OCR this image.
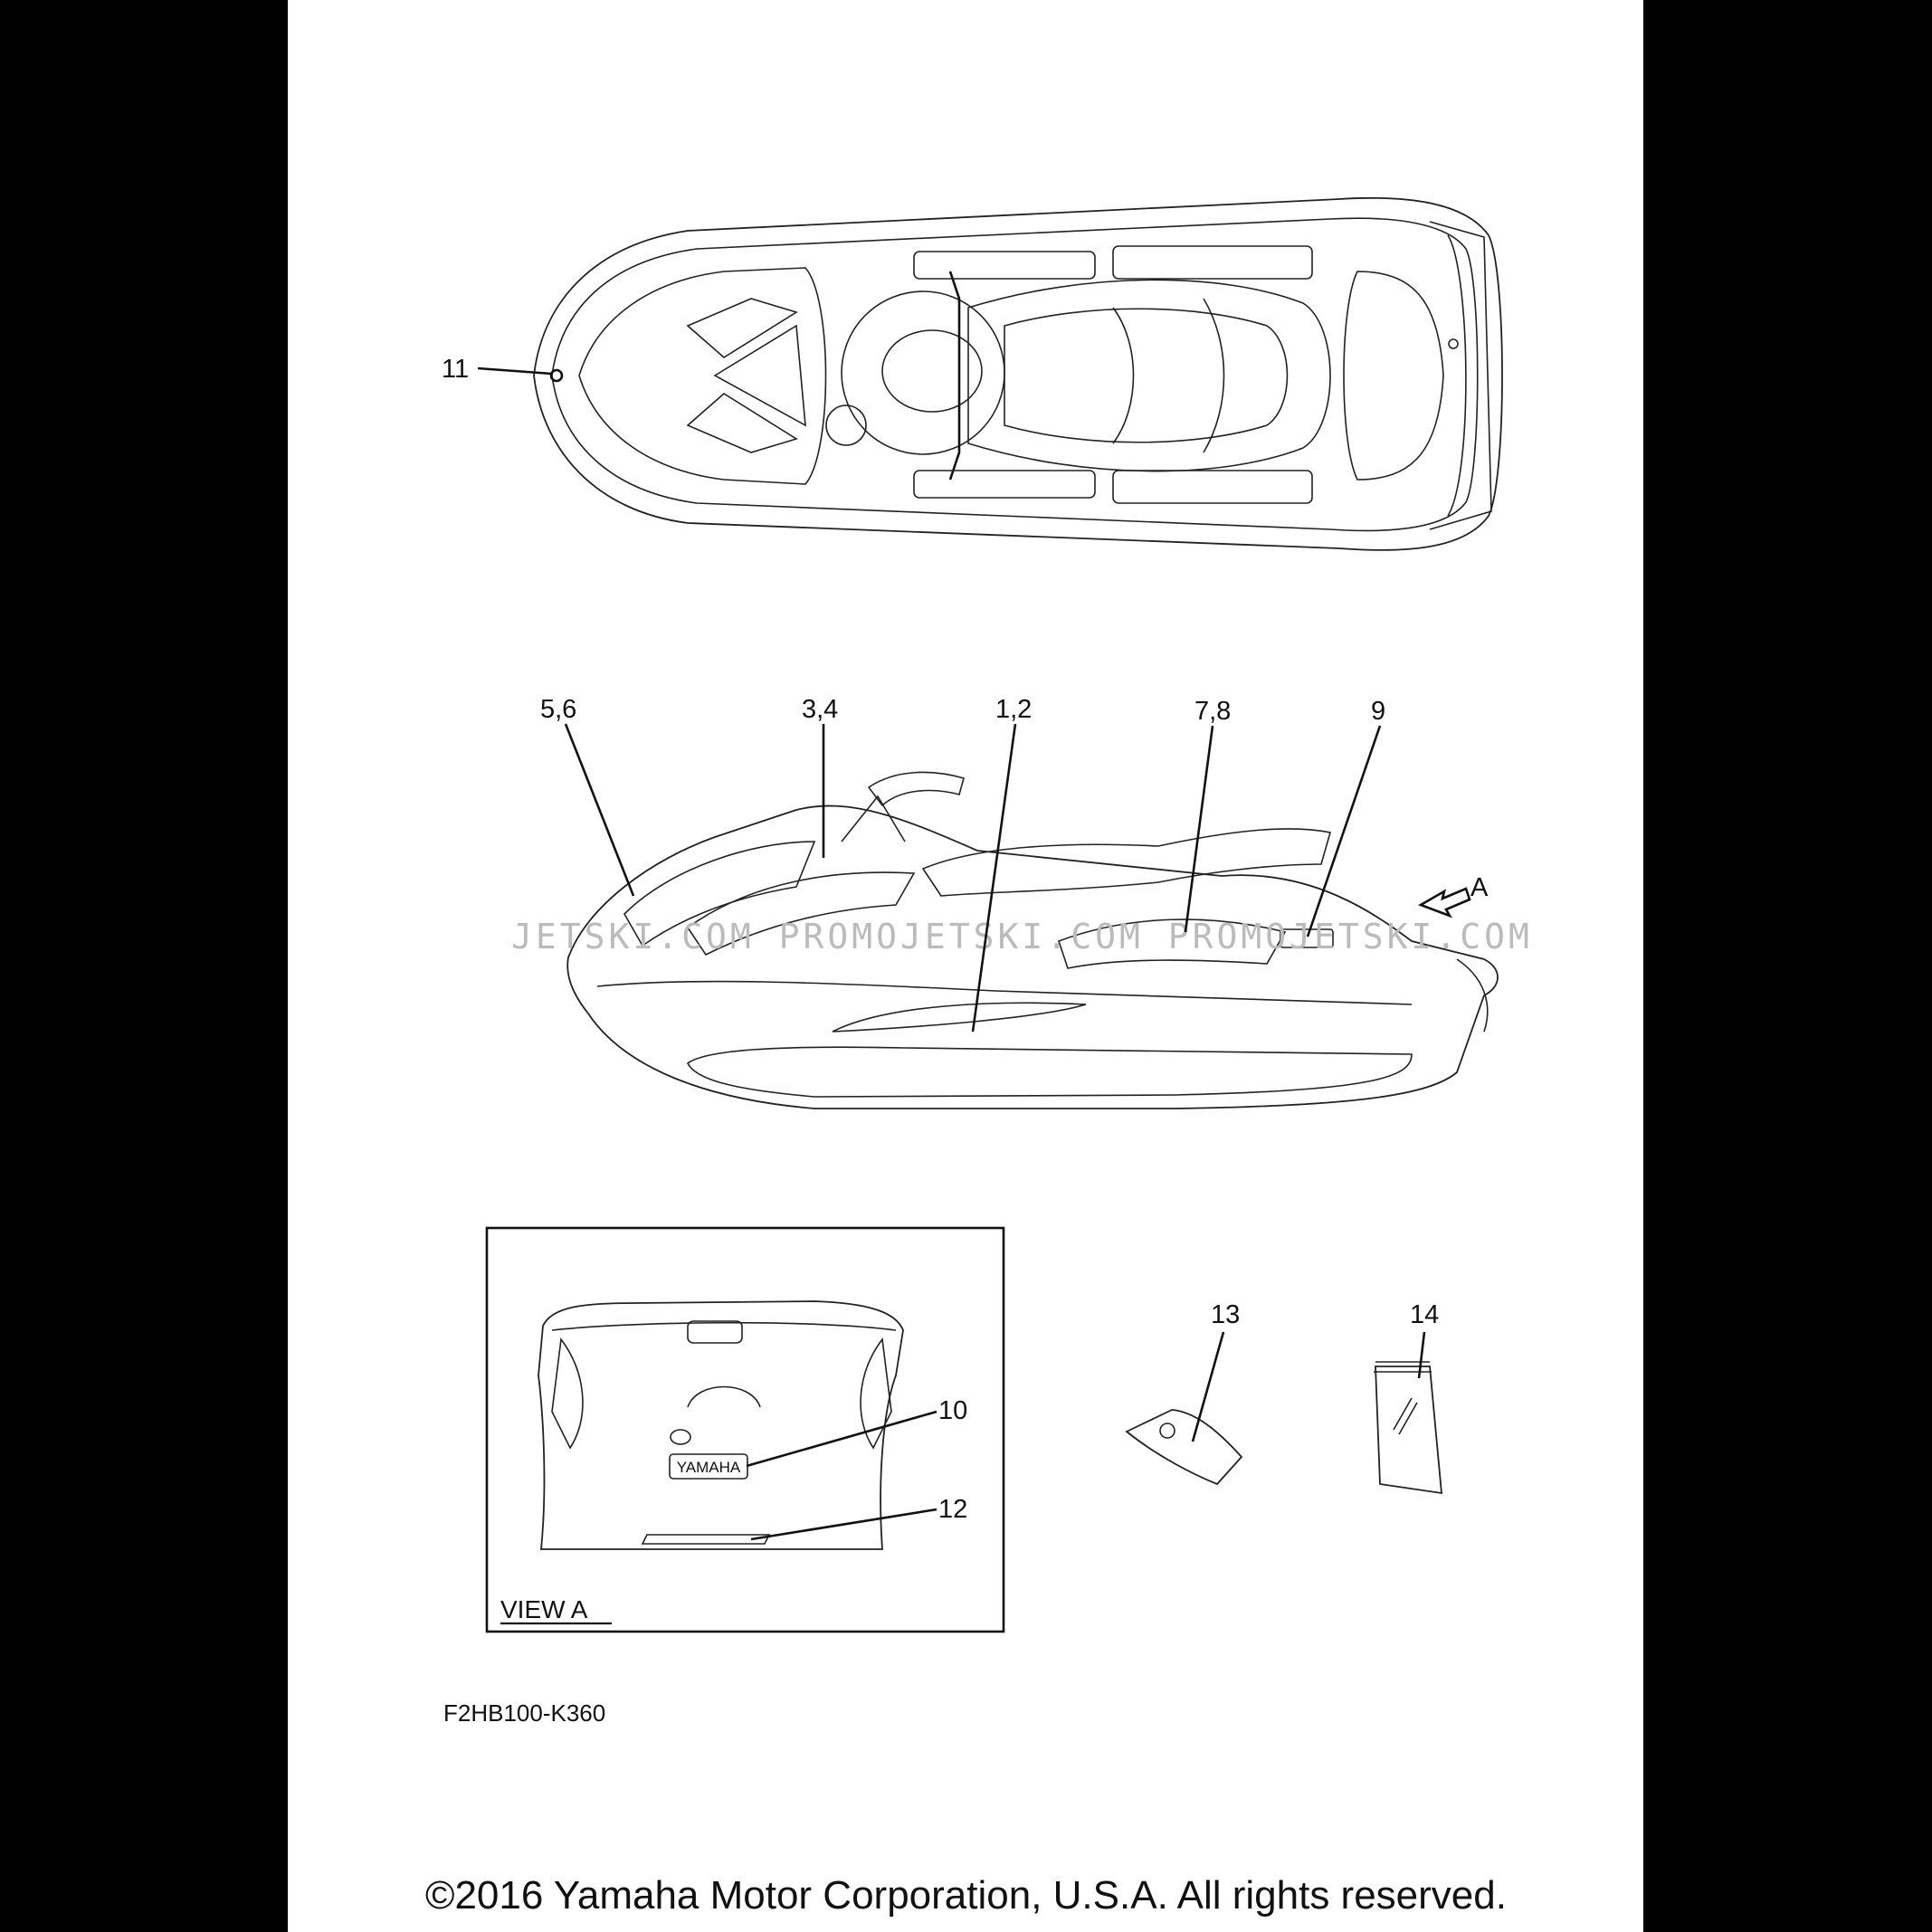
11
JETSKI.COM PROMOJETSKI.COM PROMOJETSKI.COM
5,6	3,4	1,2	7,8	9
A
YAMAHA
10
12
VIEW A
13	14
F2HB100-K360
©2016 Yamaha Motor Corporation, U.S.A. All rights reserved.
